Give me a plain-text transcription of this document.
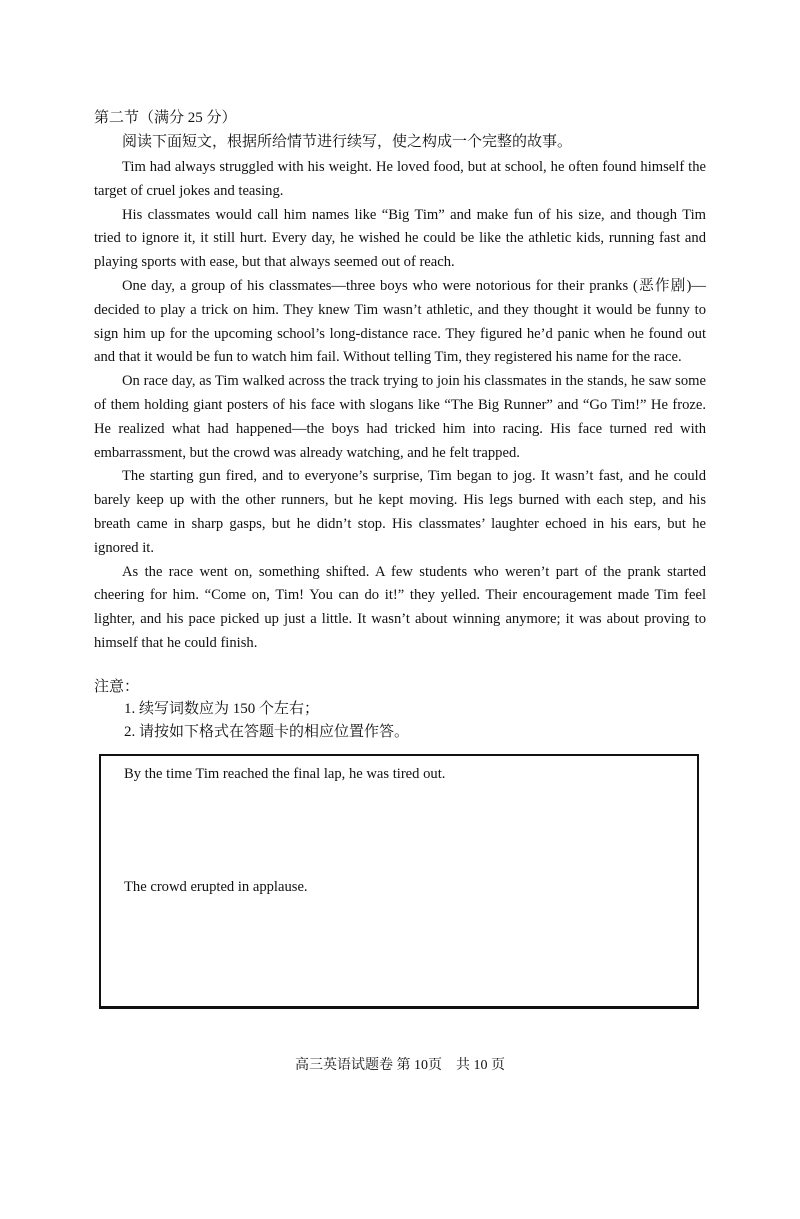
第二节（满分 25 分）
阅读下面短文，根据所给情节进行续写，使之构成一个完整的故事。

Tim had always struggled with his weight. He loved food, but at school, he often found himself the target of cruel jokes and teasing.

His classmates would call him names like “Big Tim” and make fun of his size, and though Tim tried to ignore it, it still hurt. Every day, he wished he could be like the athletic kids, running fast and playing sports with ease, but that always seemed out of reach.

One day, a group of his classmates—three boys who were notorious for their pranks (恶作剧)—decided to play a trick on him. They knew Tim wasn’t athletic, and they thought it would be funny to sign him up for the upcoming school’s long-distance race. They figured he’d panic when he found out and that it would be fun to watch him fail. Without telling Tim, they registered his name for the race.

On race day, as Tim walked across the track trying to join his classmates in the stands, he saw some of them holding giant posters of his face with slogans like “The Big Runner” and “Go Tim!” He froze. He realized what had happened—the boys had tricked him into racing. His face turned red with embarrassment, but the crowd was already watching, and he felt trapped.

The starting gun fired, and to everyone’s surprise, Tim began to jog. It wasn’t fast, and he could barely keep up with the other runners, but he kept moving. His legs burned with each step, and his breath came in sharp gasps, but he didn’t stop. His classmates’ laughter echoed in his ears, but he ignored it.

As the race went on, something shifted. A few students who weren’t part of the prank started cheering for him. “Come on, Tim! You can do it!” they yelled. Their encouragement made Tim feel lighter, and his pace picked up just a little. It wasn’t about winning anymore; it was about proving to himself that he could finish.

注意：
1. 续写词数应为 150 个左右；
2. 请按如下格式在答题卡的相应位置作答。
By the time Tim reached the final lap, he was tired out.
The crowd erupted in applause.
高三英语试题卷 第 10页　共 10 页
